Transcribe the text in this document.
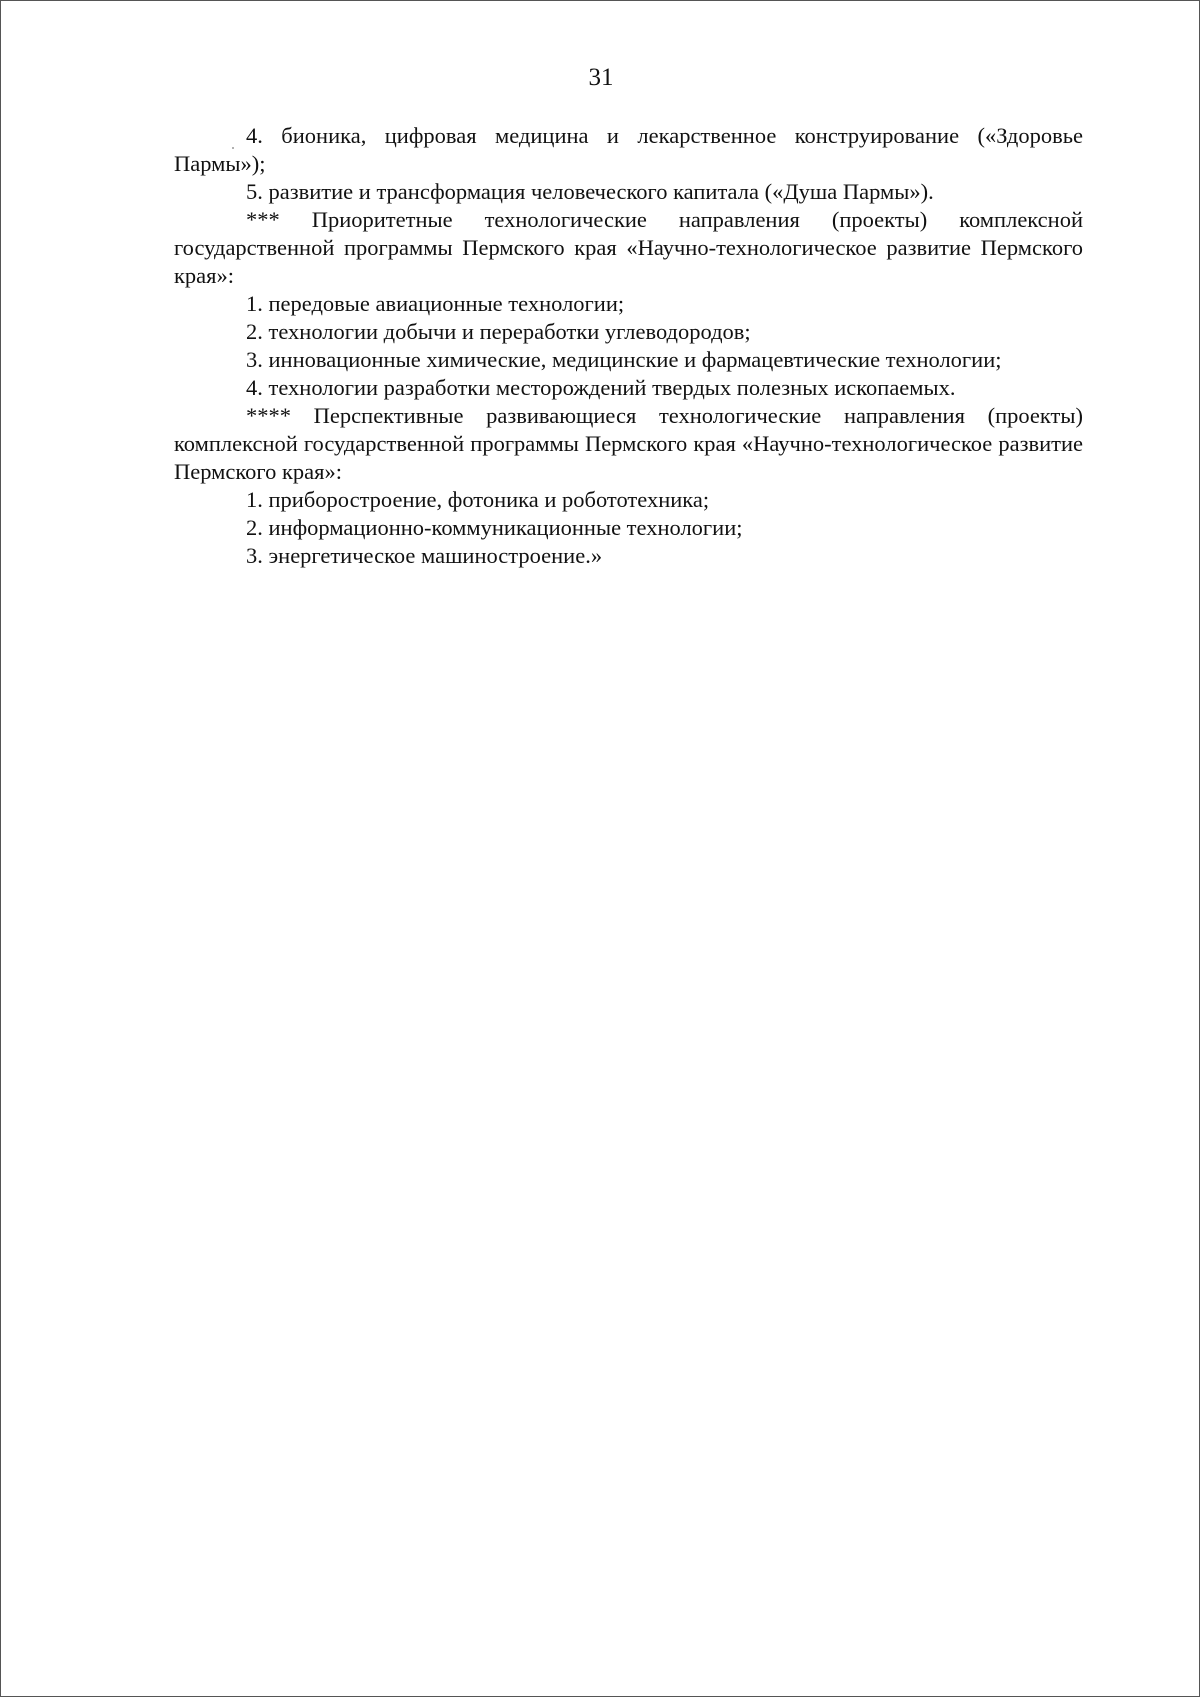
31

4. бионика, цифровая медицина и лекарственное конструирование («Здоровье Пармы»);

5. развитие и трансформация человеческого капитала («Душа Пармы»).

*** Приоритетные технологические направления (проекты) комплексной государственной программы Пермского края «Научно-технологическое развитие Пермского края»:

1. передовые авиационные технологии;

2. технологии добычи и переработки углеводородов;

3. инновационные химические, медицинские и фармацевтические технологии;

4. технологии разработки месторождений твердых полезных ископаемых.

**** Перспективные развивающиеся технологические направления (проекты) комплексной государственной программы Пермского края «Научно-технологическое развитие Пермского края»:

1. приборостроение, фотоника и робототехника;

2. информационно-коммуникационные технологии;

3. энергетическое машиностроение.»
